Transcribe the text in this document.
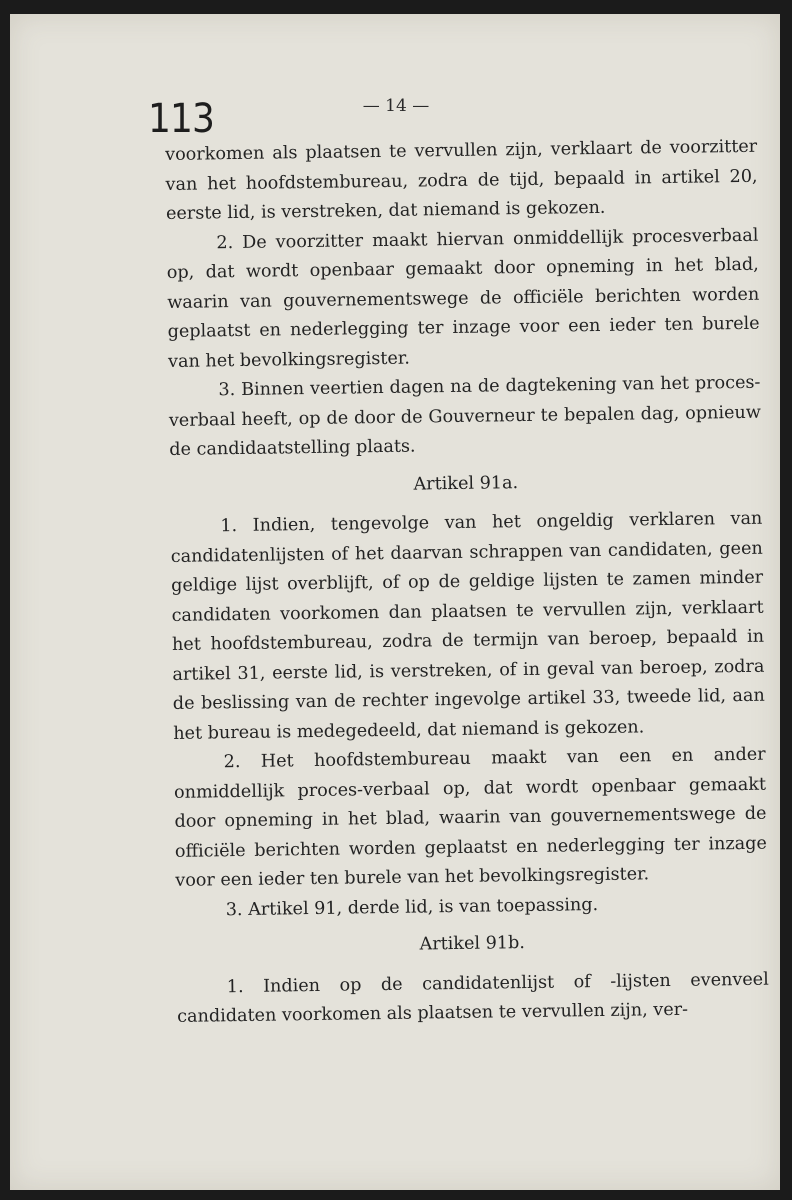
113	— 14 —

voorkomen als plaatsen te vervullen zijn, verklaart de voorzitter van het hoofdstembureau, zodra de tijd, bepaald in artikel 20, eerste lid, is verstreken, dat niemand is gekozen.

2. De voorzitter maakt hiervan onmiddellijk procesverbaal op, dat wordt openbaar gemaakt door opneming in het blad, waarin van gouvernementswege de officiële berichten worden geplaatst en nederlegging ter inzage voor een ieder ten burele van het bevolkingsregister.

3. Binnen veertien dagen na de dagtekening van het proces-verbaal heeft, op de door de Gouverneur te bepalen dag, opnieuw de candidaatstelling plaats.

Artikel 91a.

1. Indien, tengevolge van het ongeldig verklaren van candidatenlijsten of het daarvan schrappen van candidaten, geen geldige lijst overblijft, of op de geldige lijsten te zamen minder candidaten voorkomen dan plaatsen te vervullen zijn, verklaart het hoofdstembureau, zodra de termijn van beroep, bepaald in artikel 31, eerste lid, is verstreken, of in geval van beroep, zodra de beslissing van de rechter ingevolge artikel 33, tweede lid, aan het bureau is medegedeeld, dat niemand is gekozen.

2. Het hoofdstembureau maakt van een en ander onmiddellijk proces-verbaal op, dat wordt openbaar gemaakt door opneming in het blad, waarin van gouvernementswege de officiële berichten worden geplaatst en nederlegging ter inzage voor een ieder ten burele van het bevolkingsregister.

3. Artikel 91, derde lid, is van toepassing.

Artikel 91b.

1. Indien op de candidatenlijst of -lijsten evenveel candidaten voorkomen als plaatsen te vervullen zijn, ver-
